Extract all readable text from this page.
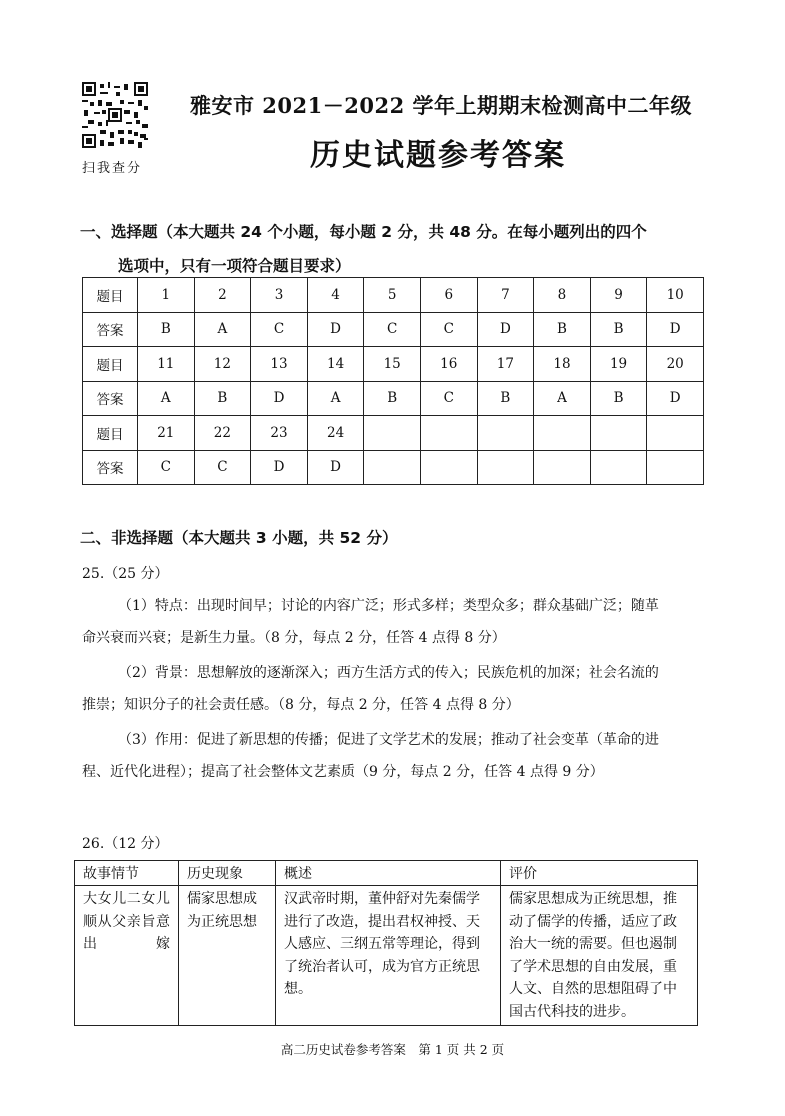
扫我查分
雅安市 2021－2022 学年上期期末检测高中二年级
历史试题参考答案
一、选择题（本大题共 24 个小题，每小题 2 分，共 48 分。在每小题列出的四个
选项中，只有一项符合题目要求）
题目	1	2	3	4	5	6	7	8	9	10
答案	B	A	C	D	C	C	D	B	B	D
题目	11	12	13	14	15	16	17	18	19	20
答案	A	B	D	A	B	C	B	A	B	D
题目	21	22	23	24						
答案	C	C	D	D						
二、非选择题（本大题共 3 小题，共 52 分）
25.（25 分）
（1）特点：出现时间早；讨论的内容广泛；形式多样；类型众多；群众基础广泛；随革
命兴衰而兴衰；是新生力量。（8 分，每点 2 分，任答 4 点得 8 分）
（2）背景：思想解放的逐渐深入；西方生活方式的传入；民族危机的加深；社会名流的
推崇；知识分子的社会责任感。（8 分，每点 2 分，任答 4 点得 8 分）
（3）作用：促进了新思想的传播；促进了文学艺术的发展；推动了社会变革（革命的进
程、近代化进程）；提高了社会整体文艺素质（9 分，每点 2 分，任答 4 点得 9 分）
26.（12 分）
故事情节	历史现象	概述	评价
大女儿二女儿顺从父亲旨意出嫁	儒家思想成为正统思想	汉武帝时期，董仲舒对先秦儒学进行了改造，提出君权神授、天人感应、三纲五常等理论，得到了统治者认可，成为官方正统思想。	儒家思想成为正统思想，推动了儒学的传播，适应了政治大一统的需要。但也遏制了学术思想的自由发展，重人文、自然的思想阻碍了中国古代科技的进步。
高二历史试卷参考答案　第 1 页 共 2 页
